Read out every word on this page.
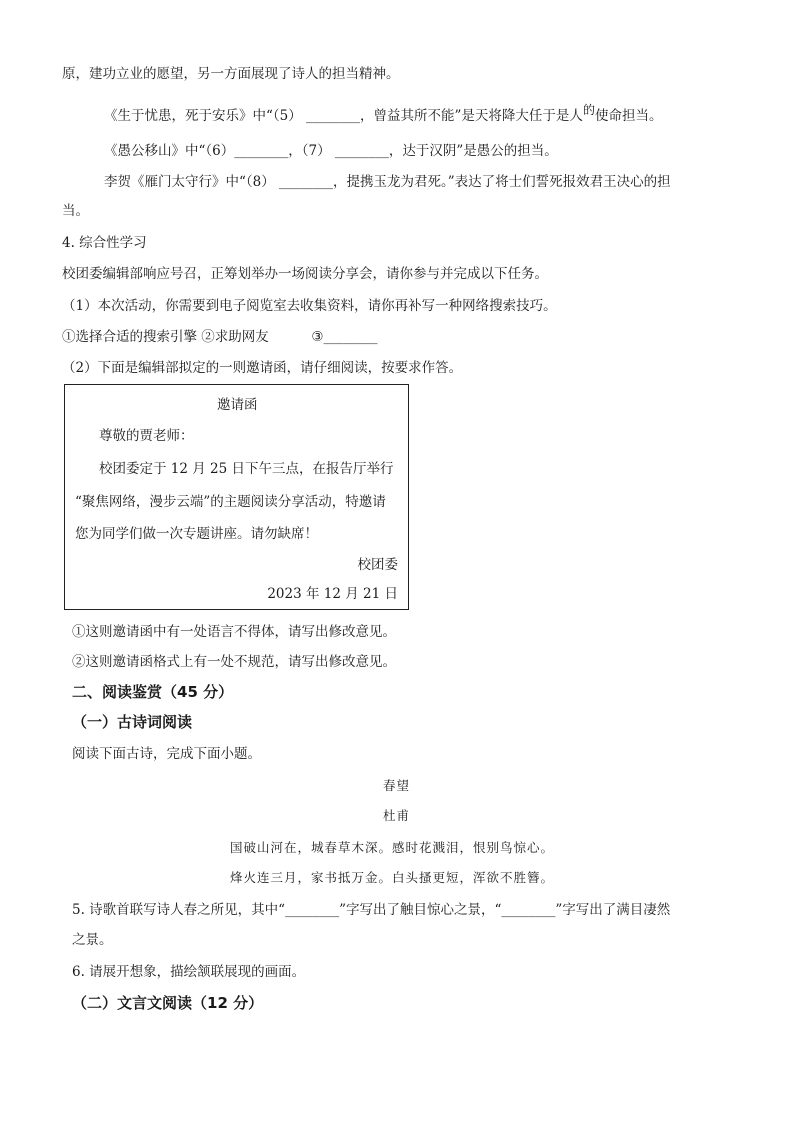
原，建功立业的愿望，另一方面展现了诗人的担当精神。
《生于忧患，死于安乐》中“（5） ________，曾益其所不能”是天将降大任于是人的使命担当。
《愚公移山》中“（6）________，（7） ________，达于汉阴”是愚公的担当。
李贺《雁门太守行》中“（8） ________，提携玉龙为君死。”表达了将士们誓死报效君王决心的担
当。
4. 综合性学习
校团委编辑部响应号召，正筹划举办一场阅读分享会，请你参与并完成以下任务。
（1）本次活动，你需要到电子阅览室去收集资料，请你再补写一种网络搜索技巧。
①选择合适的搜索引擎 ②求助网友	③________
（2）下面是编辑部拟定的一则邀请函，请仔细阅读，按要求作答。
邀请函
尊敬的贾老师：
校团委定于 12 月 25 日下午三点，在报告厅举行
“聚焦网络，漫步云端”的主题阅读分享活动，特邀请
您为同学们做一次专题讲座。请勿缺席！
校团委
2023 年 12 月 21 日
①这则邀请函中有一处语言不得体，请写出修改意见。
②这则邀请函格式上有一处不规范，请写出修改意见。
二、阅读鉴赏（45 分）
（一）古诗词阅读
阅读下面古诗，完成下面小题。
春望
杜甫
国破山河在，城春草木深。感时花溅泪，恨别鸟惊心。
烽火连三月，家书抵万金。白头搔更短，浑欲不胜簪。
5. 诗歌首联写诗人春之所见，其中“________”字写出了触目惊心之景，“________”字写出了满目凄然
之景。
6. 请展开想象，描绘颔联展现的画面。
（二）文言文阅读（12 分）
